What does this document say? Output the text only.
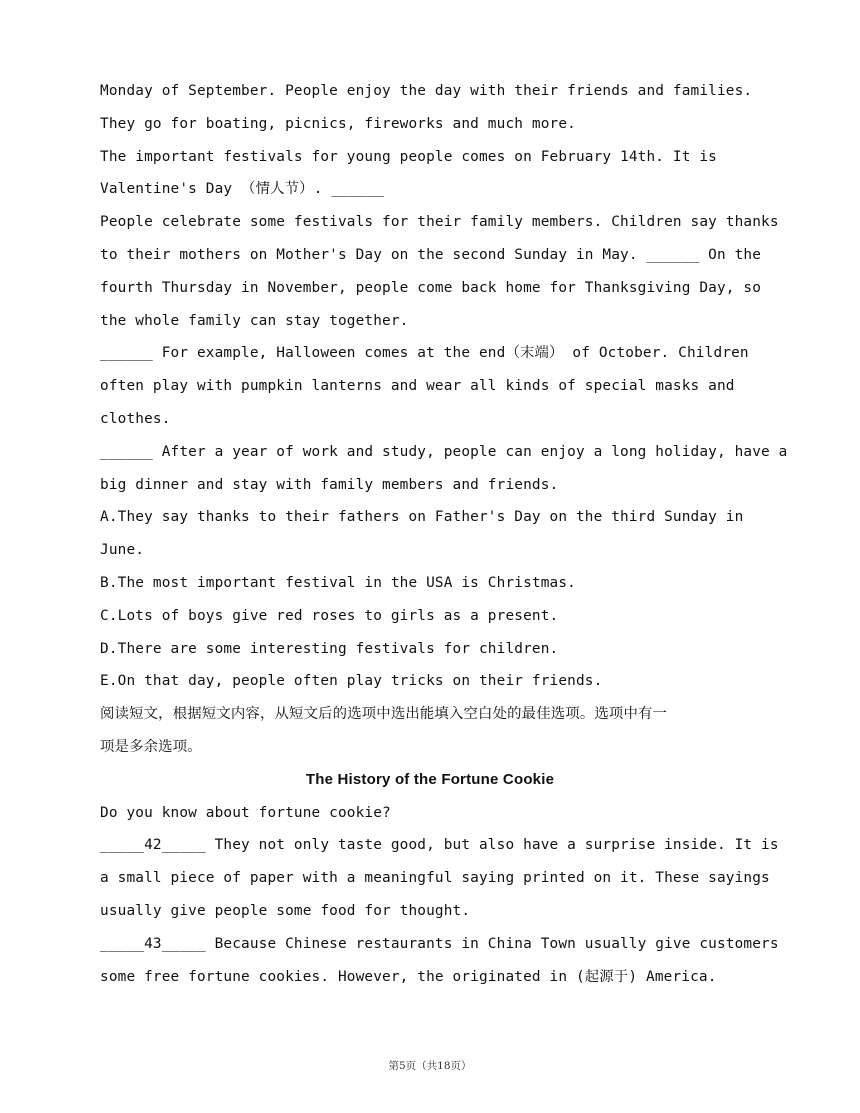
Monday of September. People enjoy the day with their friends and families.
They go for boating, picnics, fireworks and much more.
The important festivals for young people comes on February 14th. It is
Valentine's Day （情人节）. ______
People celebrate some festivals for their family members. Children say thanks
to their mothers on Mother's Day on the second Sunday in May. ______ On the
fourth Thursday in November, people come back home for Thanksgiving Day, so
the whole family can stay together.
______ For example, Halloween comes at the end（末端） of October. Children
often play with pumpkin lanterns and wear all kinds of special masks and
clothes.
______ After a year of work and study, people can enjoy a long holiday, have a
big dinner and stay with family members and friends.
A.They say thanks to their fathers on Father's Day on the third Sunday in
June.
B.The most important festival in the USA is Christmas.
C.Lots of boys give red roses to girls as a present.
D.There are some interesting festivals for children.
E.On that day, people often play tricks on their friends.
阅读短文，根据短文内容，从短文后的选项中选出能填入空白处的最佳选项。选项中有一
项是多余选项。
The History of the Fortune Cookie
Do you know about fortune cookie?
_____42_____ They not only taste good, but also have a surprise inside. It is
a small piece of paper with a meaningful saying printed on it. These sayings
usually give people some food for thought.
_____43_____ Because Chinese restaurants in China Town usually give customers
some free fortune cookies. However, the originated in (起源于) America.
第5页（共18页）
